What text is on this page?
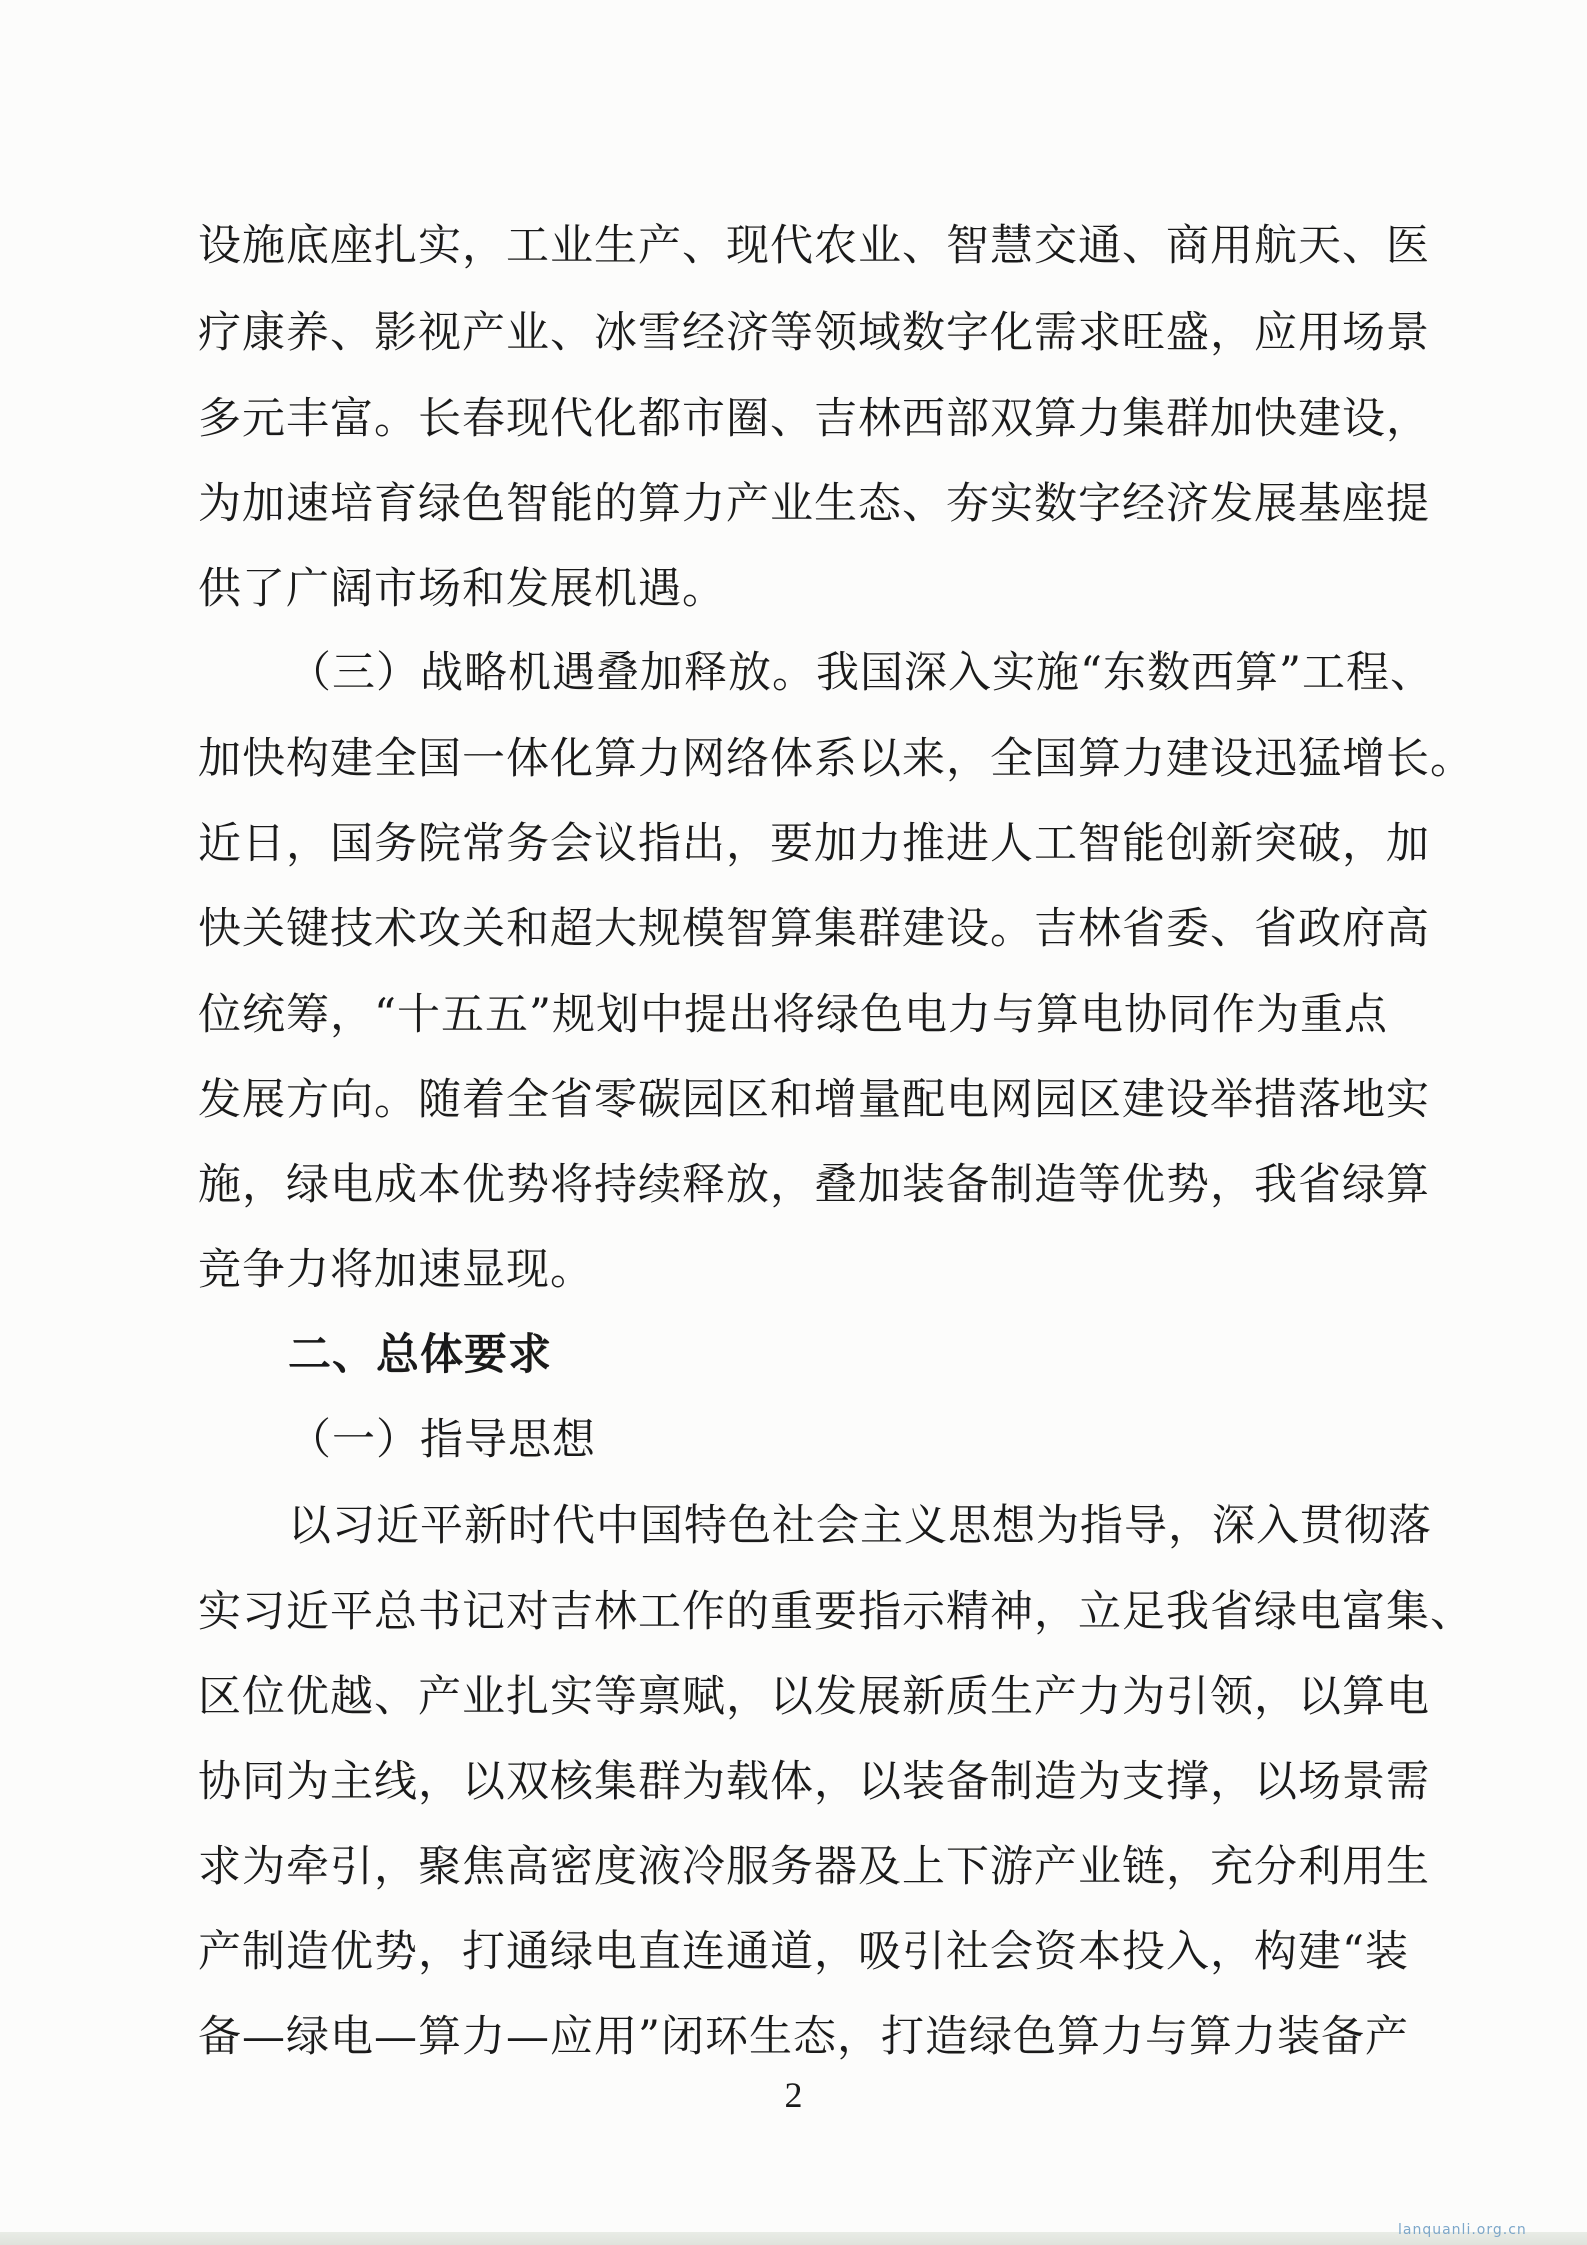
设施底座扎实，工业生产、现代农业、智慧交通、商用航天、医
疗康养、影视产业、冰雪经济等领域数字化需求旺盛，应用场景
多元丰富。长春现代化都市圈、吉林西部双算力集群加快建设，
为加速培育绿色智能的算力产业生态、夯实数字经济发展基座提
供了广阔市场和发展机遇。
（三）战略机遇叠加释放。我国深入实施“东数西算”工程、
加快构建全国一体化算力网络体系以来，全国算力建设迅猛增长。
近日，国务院常务会议指出，要加力推进人工智能创新突破，加
快关键技术攻关和超大规模智算集群建设。吉林省委、省政府高
位统筹，“十五五”规划中提出将绿色电力与算电协同作为重点
发展方向。随着全省零碳园区和增量配电网园区建设举措落地实
施，绿电成本优势将持续释放，叠加装备制造等优势，我省绿算
竞争力将加速显现。
二、总体要求
（一）指导思想
以习近平新时代中国特色社会主义思想为指导，深入贯彻落
实习近平总书记对吉林工作的重要指示精神，立足我省绿电富集、
区位优越、产业扎实等禀赋，以发展新质生产力为引领，以算电
协同为主线，以双核集群为载体，以装备制造为支撑，以场景需
求为牵引，聚焦高密度液冷服务器及上下游产业链，充分利用生
产制造优势，打通绿电直连通道，吸引社会资本投入，构建“装
备—绿电—算力—应用”闭环生态，打造绿色算力与算力装备产
2
lanquanli.org.cn
